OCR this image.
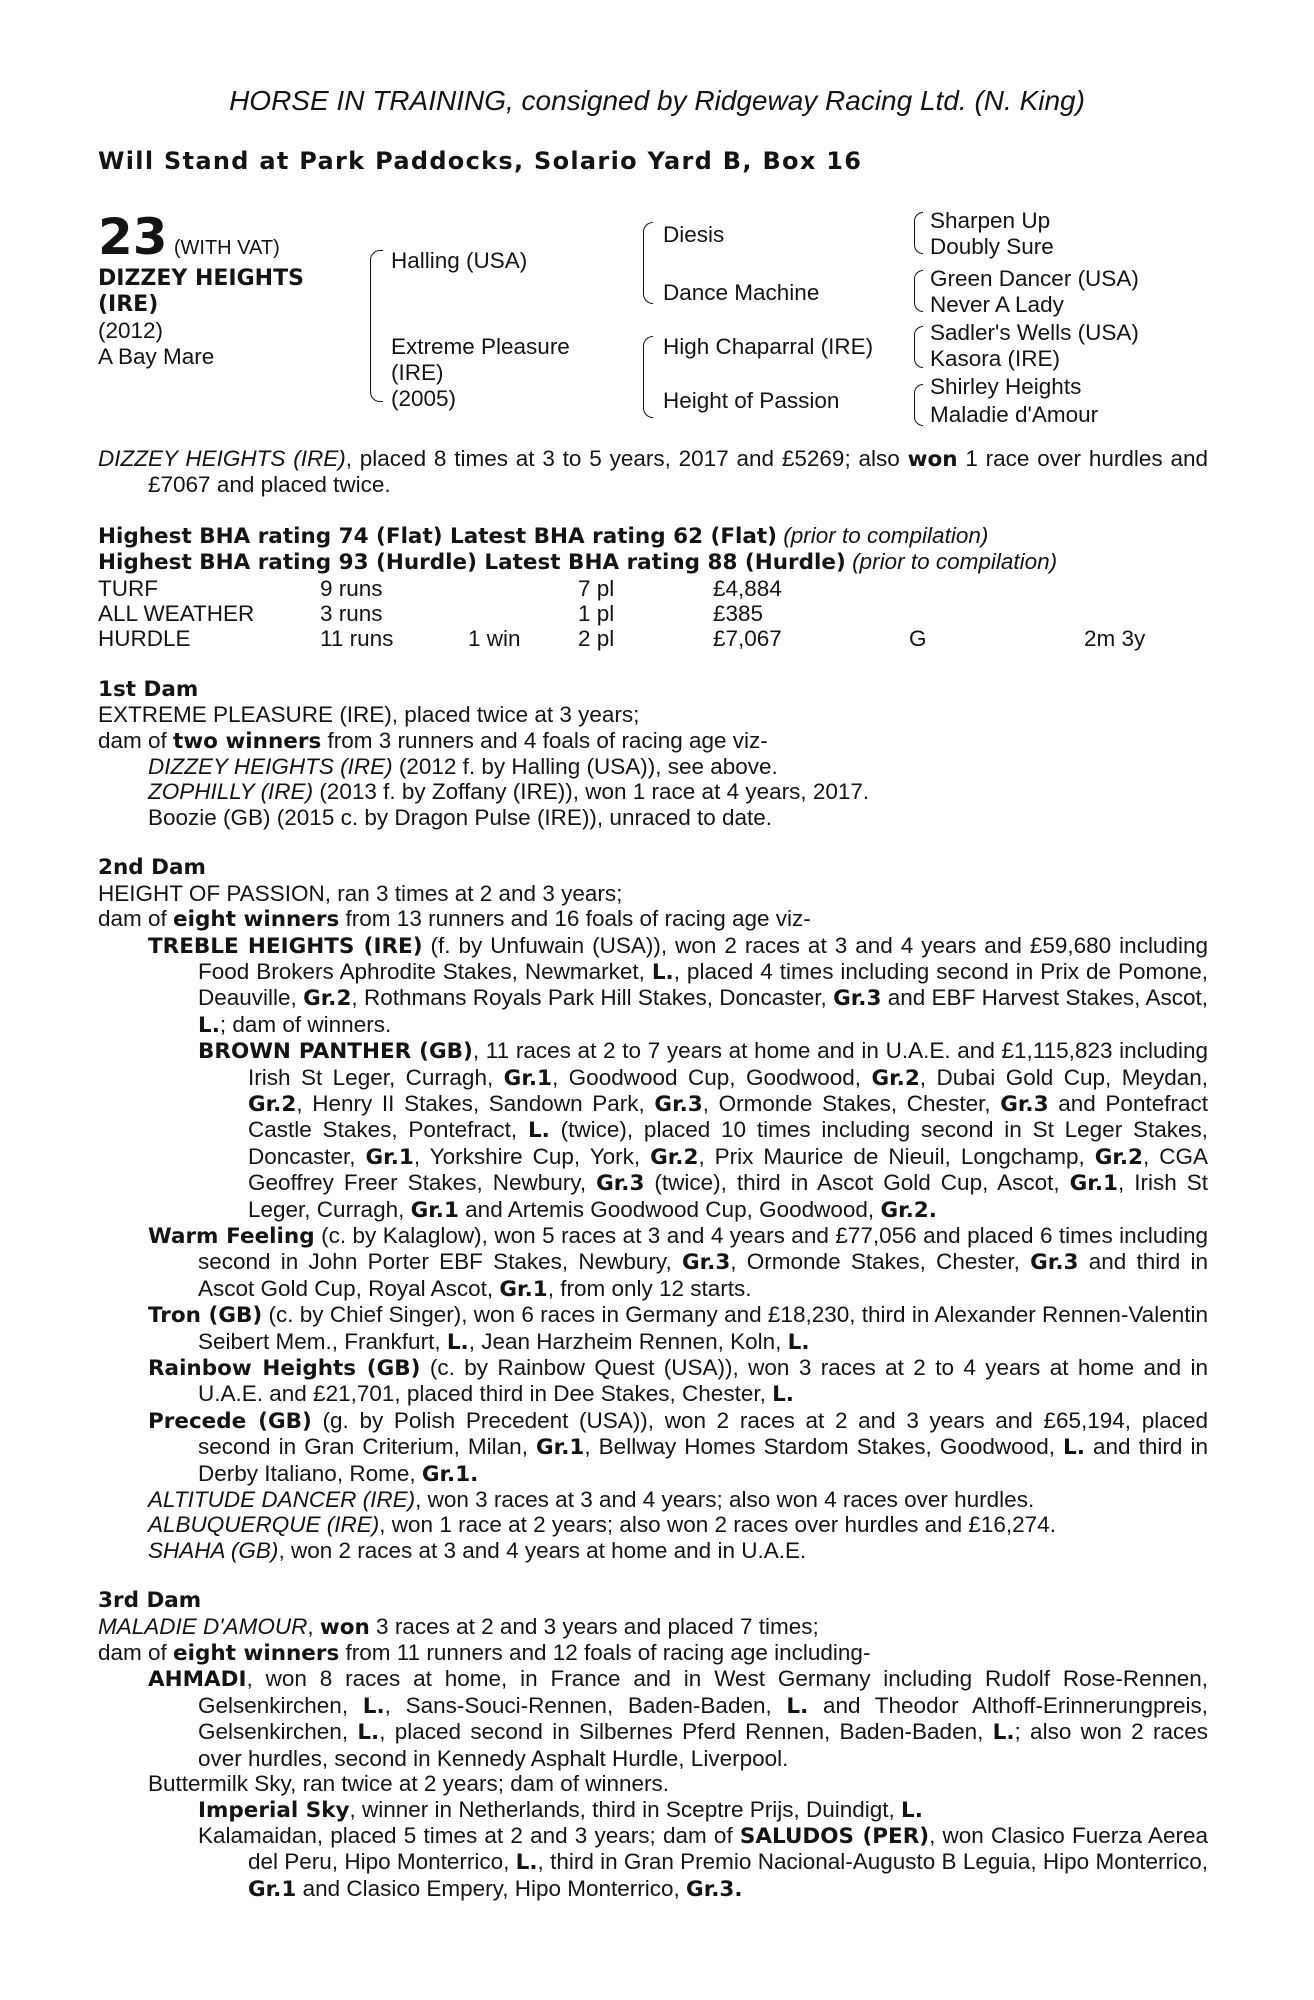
HORSE IN TRAINING, consigned by Ridgeway Racing Ltd. (N. King)
Will Stand at Park Paddocks, Solario Yard B, Box 16
23 (WITH VAT)
DIZZEY HEIGHTS
(IRE)
(2012)
A Bay Mare
Halling (USA)
Extreme Pleasure
(IRE)
(2005)
Diesis
Dance Machine
High Chaparral (IRE)
Height of Passion
Sharpen Up
Doubly Sure
Green Dancer (USA)
Never A Lady
Sadler's Wells (USA)
Kasora (IRE)
Shirley Heights
Maladie d'Amour

DIZZEY HEIGHTS (IRE), placed 8 times at 3 to 5 years, 2017 and £5269; also won 1 race over hurdles and £7067 and placed twice.

Highest BHA rating 74 (Flat) Latest BHA rating 62 (Flat) (prior to compilation)
Highest BHA rating 93 (Hurdle) Latest BHA rating 88 (Hurdle) (prior to compilation)
TURF	9 runs		7 pl	£4,884		
ALL WEATHER	3 runs		1 pl	£385		
HURDLE	11 runs	1 win	2 pl	£7,067	G	2m 3y
1st Dam

EXTREME PLEASURE (IRE), placed twice at 3 years;

dam of two winners from 3 runners and 4 foals of racing age viz-

DIZZEY HEIGHTS (IRE) (2012 f. by Halling (USA)), see above.

ZOPHILLY (IRE) (2013 f. by Zoffany (IRE)), won 1 race at 4 years, 2017.

Boozie (GB) (2015 c. by Dragon Pulse (IRE)), unraced to date.

2nd Dam

HEIGHT OF PASSION, ran 3 times at 2 and 3 years;

dam of eight winners from 13 runners and 16 foals of racing age viz-

TREBLE HEIGHTS (IRE) (f. by Unfuwain (USA)), won 2 races at 3 and 4 years and £59,680 including Food Brokers Aphrodite Stakes, Newmarket, L., placed 4 times including second in Prix de Pomone, Deauville, Gr.2, Rothmans Royals Park Hill Stakes, Doncaster, Gr.3 and EBF Harvest Stakes, Ascot, L.; dam of winners.

BROWN PANTHER (GB), 11 races at 2 to 7 years at home and in U.A.E. and £1,115,823 including Irish St Leger, Curragh, Gr.1, Goodwood Cup, Goodwood, Gr.2, Dubai Gold Cup, Meydan, Gr.2, Henry II Stakes, Sandown Park, Gr.3, Ormonde Stakes, Chester, Gr.3 and Pontefract Castle Stakes, Pontefract, L. (twice), placed 10 times including second in St Leger Stakes, Doncaster, Gr.1, Yorkshire Cup, York, Gr.2, Prix Maurice de Nieuil, Longchamp, Gr.2, CGA Geoffrey Freer Stakes, Newbury, Gr.3 (twice), third in Ascot Gold Cup, Ascot, Gr.1, Irish St Leger, Curragh, Gr.1 and Artemis Goodwood Cup, Goodwood, Gr.2.

Warm Feeling (c. by Kalaglow), won 5 races at 3 and 4 years and £77,056 and placed 6 times including second in John Porter EBF Stakes, Newbury, Gr.3, Ormonde Stakes, Chester, Gr.3 and third in Ascot Gold Cup, Royal Ascot, Gr.1, from only 12 starts.

Tron (GB) (c. by Chief Singer), won 6 races in Germany and £18,230, third in Alexander Rennen-Valentin Seibert Mem., Frankfurt, L., Jean Harzheim Rennen, Koln, L.

Rainbow Heights (GB) (c. by Rainbow Quest (USA)), won 3 races at 2 to 4 years at home and in U.A.E. and £21,701, placed third in Dee Stakes, Chester, L.

Precede (GB) (g. by Polish Precedent (USA)), won 2 races at 2 and 3 years and £65,194, placed second in Gran Criterium, Milan, Gr.1, Bellway Homes Stardom Stakes, Goodwood, L. and third in Derby Italiano, Rome, Gr.1.

ALTITUDE DANCER (IRE), won 3 races at 3 and 4 years; also won 4 races over hurdles.

ALBUQUERQUE (IRE), won 1 race at 2 years; also won 2 races over hurdles and £16,274.

SHAHA (GB), won 2 races at 3 and 4 years at home and in U.A.E.

3rd Dam

MALADIE D'AMOUR, won 3 races at 2 and 3 years and placed 7 times;

dam of eight winners from 11 runners and 12 foals of racing age including-

AHMADI, won 8 races at home, in France and in West Germany including Rudolf Rose-Rennen, Gelsenkirchen, L., Sans-Souci-Rennen, Baden-Baden, L. and Theodor Althoff-Erinnerungpreis, Gelsenkirchen, L., placed second in Silbernes Pferd Rennen, Baden-Baden, L.; also won 2 races over hurdles, second in Kennedy Asphalt Hurdle, Liverpool.

Buttermilk Sky, ran twice at 2 years; dam of winners.

Imperial Sky, winner in Netherlands, third in Sceptre Prijs, Duindigt, L.

Kalamaidan, placed 5 times at 2 and 3 years; dam of SALUDOS (PER), won Clasico Fuerza Aerea del Peru, Hipo Monterrico, L., third in Gran Premio Nacional-Augusto B Leguia, Hipo Monterrico, Gr.1 and Clasico Empery, Hipo Monterrico, Gr.3.
